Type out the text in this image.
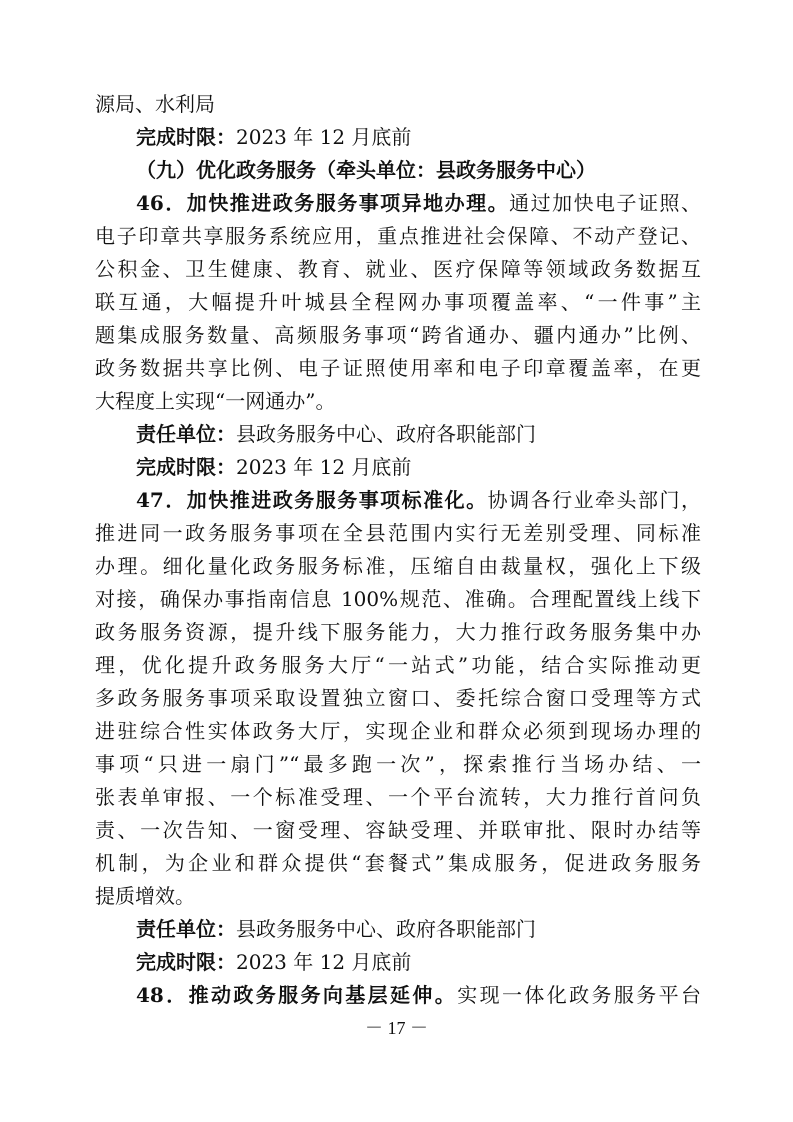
源局、水利局
完成时限：2023 年 12 月底前
（九）优化政务服务（牵头单位：县政务服务中心）
46．加快推进政务服务事项异地办理。通过加快电子证照、
电子印章共享服务系统应用，重点推进社会保障、不动产登记、
公积金、卫生健康、教育、就业、医疗保障等领域政务数据互
联互通，大幅提升叶城县全程网办事项覆盖率、“一件事”主
题集成服务数量、高频服务事项“跨省通办、疆内通办”比例、
政务数据共享比例、电子证照使用率和电子印章覆盖率，在更
大程度上实现“一网通办”。
责任单位：县政务服务中心、政府各职能部门
完成时限：2023 年 12 月底前
47．加快推进政务服务事项标准化。协调各行业牵头部门，
推进同一政务服务事项在全县范围内实行无差别受理、同标准
办理。细化量化政务服务标准，压缩自由裁量权，强化上下级
对接，确保办事指南信息 100%规范、准确。合理配置线上线下
政务服务资源，提升线下服务能力，大力推行政务服务集中办
理，优化提升政务服务大厅“一站式”功能，结合实际推动更
多政务服务事项采取设置独立窗口、委托综合窗口受理等方式
进驻综合性实体政务大厅，实现企业和群众必须到现场办理的
事项“只进一扇门”“最多跑一次”，探索推行当场办结、一
张表单审报、一个标准受理、一个平台流转，大力推行首问负
责、一次告知、一窗受理、容缺受理、并联审批、限时办结等
机制，为企业和群众提供“套餐式”集成服务，促进政务服务
提质增效。
责任单位：县政务服务中心、政府各职能部门
完成时限：2023 年 12 月底前
48．推动政务服务向基层延伸。实现一体化政务服务平台
－ 17 －
